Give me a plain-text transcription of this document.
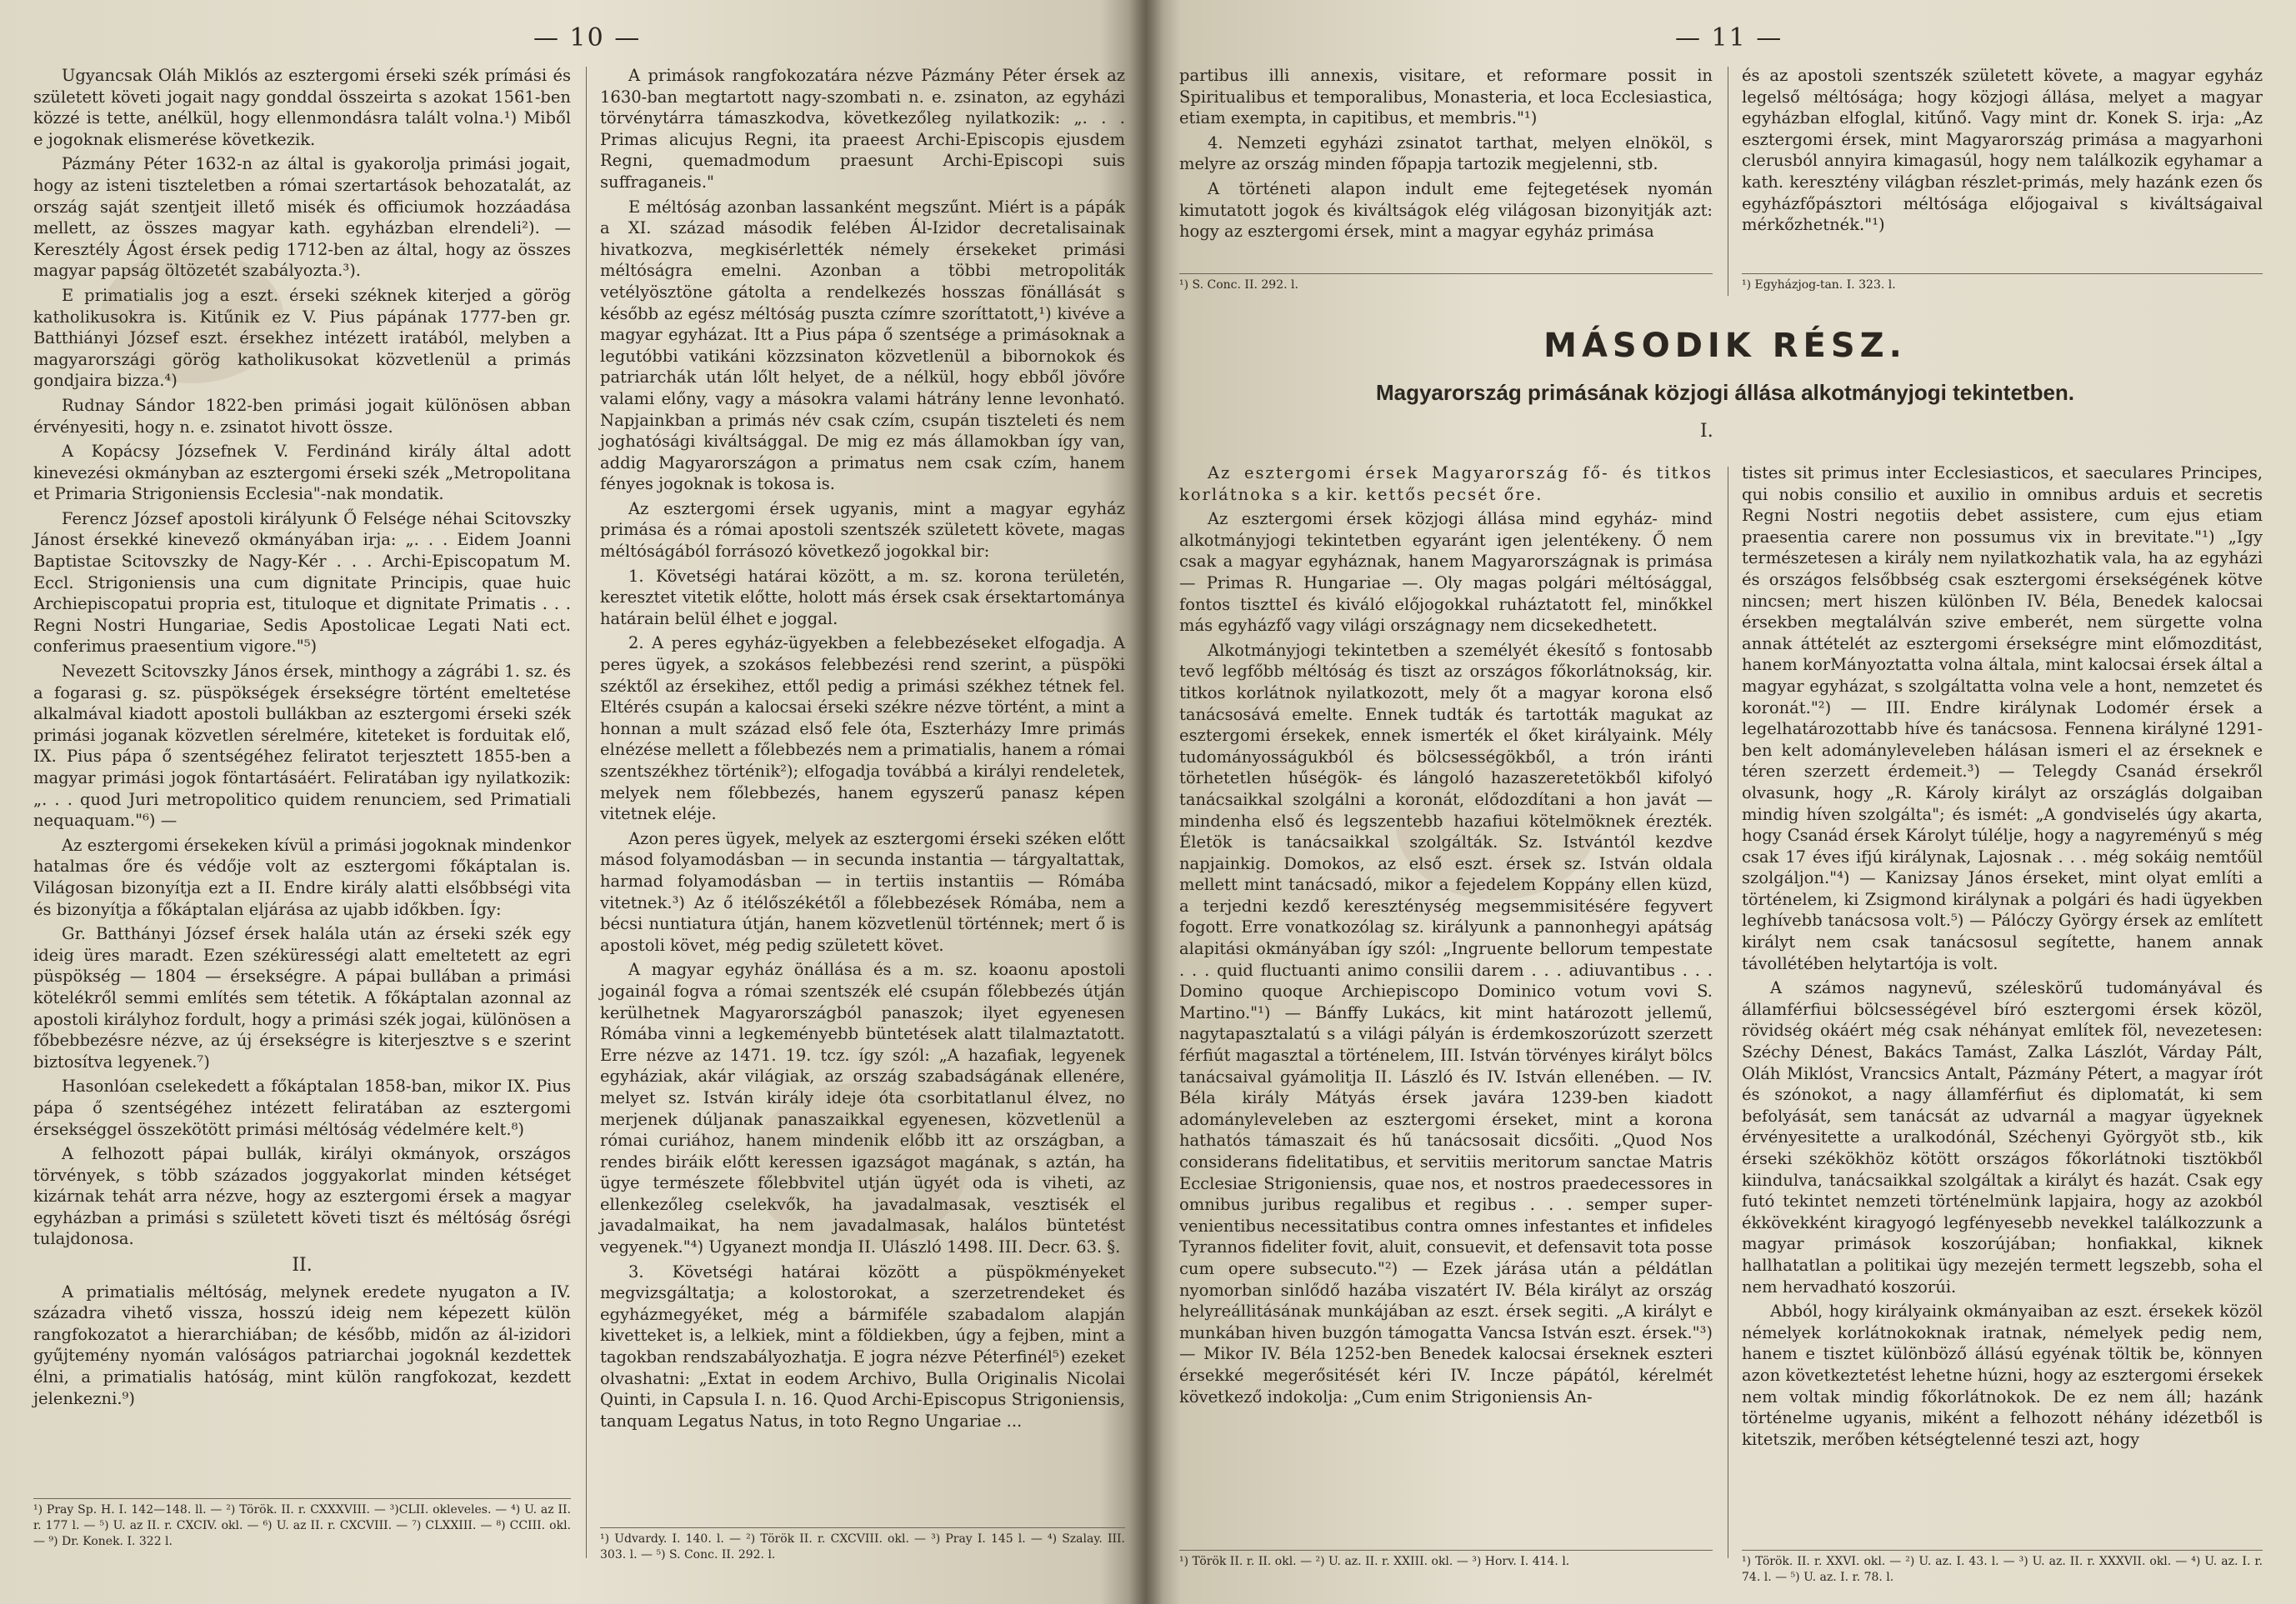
— 10 —

Ugyancsak Oláh Miklós az esztergomi érseki szék prímási és született követi jogait nagy gonddal összeirta s azokat 1561-ben közzé is tette, anélkül, hogy ellenmondásra talált volna.¹) Miből e jogoknak elismerése következik.

Pázmány Péter 1632-n az által is gyakorolja primási jogait, hogy az isteni tiszteletben a római szertartások behozatalát, az ország saját szentjeit illető misék és officiumok hozzáadása mellett, az összes magyar kath. egyházban elrendeli²). — Keresztély Ágost érsek pedig 1712-ben az által, hogy az összes magyar papság öltözetét szabályozta.³).

E primatialis jog a eszt. érseki széknek kiterjed a görög katholikusokra is. Kitűnik ez V. Pius pápának 1777-ben gr. Batthiányi József eszt. érsekhez intézett iratából, melyben a magyarországi görög katholikusokat közvetlenül a primás gondjaira bizza.⁴)

Rudnay Sándor 1822-ben primási jogait különösen abban érvényesiti, hogy n. e. zsinatot hivott össze.

A Kopácsy Józsefnek V. Ferdinánd király által adott kinevezési okmányban az esztergomi érseki szék „Metropolitana et Primaria Strigoniensis Ecclesia"-nak mondatik.

Ferencz József apostoli királyunk Ő Felsége néhai Scitovszky Jánost érsekké kinevező okmányában irja: „. . . Eidem Joanni Baptistae Scitovszky de Nagy-Kér . . . Archi-Episcopatum M. Eccl. Strigoniensis una cum dignitate Principis, quae huic Archiepiscopatui propria est, tituloque et dignitate Primatis . . . Regni Nostri Hungariae, Sedis Apostolicae Legati Nati ect. conferimus praesentium vigore."⁵)

Nevezett Scitovszky János érsek, minthogy a zágrábi 1. sz. és a fogarasi g. sz. püspökségek érsekségre történt emeltetése alkalmával kiadott apostoli bullákban az esztergomi érseki szék primási joganak közvetlen sérelmére, kiteteket is forduitak elő, IX. Pius pápa ő szentségéhez feliratot terjesztett 1855-ben a magyar primási jogok föntartásáért. Feliratában igy nyilatkozik: „. . . quod Juri metropolitico quidem renunciem, sed Primatiali nequaquam."⁶) —

Az esztergomi érsekeken kívül a primási jogoknak mindenkor hatalmas őre és védője volt az esztergomi főkáptalan is. Világosan bizonyítja ezt a II. Endre király alatti elsőbbségi vita és bizonyítja a főkáptalan eljárása az ujabb időkben. Így:

Gr. Batthányi József érsek halála után az érseki szék egy ideig üres maradt. Ezen székürességi alatt emeltetett az egri püspökség — 1804 — érsekségre. A pápai bullában a primási kötelékről semmi említés sem tétetik. A főkáptalan azonnal az apostoli királyhoz fordult, hogy a primási szék jogai, különösen a főbebbezésre nézve, az új érsekségre is kiterjesztve s e szerint biztosítva legyenek.⁷)

Hasonlóan cselekedett a főkáptalan 1858-ban, mikor IX. Pius pápa ő szentségéhez intézett feliratában az esztergomi érsekséggel összekötött primási méltóság védelmére kelt.⁸)

A felhozott pápai bullák, királyi okmányok, országos törvények, s több százados joggyakorlat minden kétséget kizárnak tehát arra nézve, hogy az esztergomi érsek a magyar egyházban a primási s született követi tiszt és méltóság ősrégi tulajdonosa.

II.

A primatialis méltóság, melynek eredete nyugaton a IV. századra vihető vissza, hosszú ideig nem képezett külön rangfokozatot a hierarchiában; de később, midőn az ál-izidori gyűjtemény nyomán valóságos patriarchai jogoknál kezdettek élni, a primatialis hatóság, mint külön rangfokozat, kezdett jelenkezni.⁹)

¹) Pray Sp. H. I. 142—148. ll. — ²) Török. II. r. CXXXVIII. — ³)CLII. okleveles. — ⁴) U. az II. r. 177 l. — ⁵) U. az II. r. CXCIV. okl. — ⁶) U. az II. r. CXCVIII. — ⁷) CLXXIII. — ⁸) CCIII. okl. — ⁹) Dr. Konek. I. 322 l.

A primások rangfokozatára nézve Pázmány Péter érsek az 1630-ban megtartott nagy-szombati n. e. zsinaton, az egyházi törvénytárra támaszkodva, következőleg nyilatkozik: „. . . Primas alicujus Regni, ita praeest Archi-Episcopis ejusdem Regni, quemadmodum praesunt Archi-Episcopi suis suffraganeis."

E méltóság azonban lassanként megszűnt. Miért is a pápák a XI. század második felében Ál-Izidor decretalisainak hivatkozva, megkisérlették némely érsekeket primási méltóságra emelni. Azonban a többi metropoliták vetélyösztöne gátolta a rendelkezés hosszas fönállását s később az egész méltóság puszta czímre szoríttatott,¹) kivéve a magyar egyházat. Itt a Pius pápa ő szentsége a primásoknak a legutóbbi vatikáni közzsinaton közvetlenül a bibornokok és patriarchák után lőlt helyet, de a nélkül, hogy ebből jövőre valami előny, vagy a másokra valami hátrány lenne levonható. Napjainkban a primás név csak czím, csupán tiszteleti és nem joghatósági kiváltsággal. De mig ez más államokban így van, addig Magyarországon a primatus nem csak czím, hanem fényes jogoknak is tokosa is.

Az esztergomi érsek ugyanis, mint a magyar egyház primása és a római apostoli szentszék született követe, magas méltóságából forrásozó következő jogokkal bir:

1. Követségi határai között, a m. sz. korona területén, keresztet vitetik előtte, holott más érsek csak érsektartománya határain belül élhet e joggal.

2. A peres egyház-ügyekben a felebbezéseket elfogadja. A peres ügyek, a szokásos felebbezési rend szerint, a püspöki széktől az érsekihez, ettől pedig a primási székhez tétnek fel. Eltérés csupán a kalocsai érseki székre nézve történt, a mint a honnan a mult század első fele óta, Eszterházy Imre primás elnézése mellett a főlebbezés nem a primatialis, hanem a római szentszékhez történik²); elfogadja továbbá a királyi rendeletek, melyek nem főlebbezés, hanem egyszerű panasz képen vitetnek eléje.

Azon peres ügyek, melyek az esztergomi érseki széken előtt másod folyamodásban — in secunda instantia — tárgyaltattak, harmad folyamodásban — in tertiis instantiis — Rómába vitetnek.³) Az ő itélőszékétől a főlebbezések Rómába, nem a bécsi nuntiatura útján, hanem közvetlenül történnek; mert ő is apostoli követ, még pedig született követ.

A magyar egyház önállása és a m. sz. koaonu apostoli jogainál fogva a római szentszék elé csupán főlebbezés útján kerülhetnek Magyarországból panaszok; ilyet egyenesen Rómába vinni a legkeményebb büntetések alatt tilalmaztatott. Erre nézve az 1471. 19. tcz. így szól: „A hazafiak, legyenek egyháziak, akár világiak, az ország szabadságának ellenére, melyet sz. István király ideje óta csorbitatlanul élvez, no merjenek dúljanak panaszaikkal egyenesen, közvetlenül a római curiához, hanem mindenik előbb itt az országban, a rendes biráik előtt keressen igazságot magának, s aztán, ha ügye természete főlebbvitel utján ügyét oda is viheti, az ellenkezőleg cselekvők, ha javadalmasak, vesztisék el javadalmaikat, ha nem javadalmasak, halálos büntetést vegyenek."⁴) Ugyanezt mondja II. Ulászló 1498. III. Decr. 63. §.

3. Követségi határai között a püspökményeket megvizsgáltatja; a kolostorokat, a szerzetrendeket és egyházmegyéket, még a bármiféle szabadalom alapján kivetteket is, a lelkiek, mint a földiekben, úgy a fejben, mint a tagokban rendszabályozhatja. E jogra nézve Péterfinél⁵) ezeket olvashatni: „Extat in eodem Archivo, Bulla Originalis Nicolai Quinti, in Capsula I. n. 16. Quod Archi-Episcopus Strigoniensis, tanquam Legatus Natus, in toto Regno Ungariae ...

¹) Udvardy. I. 140. l. — ²) Török II. r. CXCVIII. okl. — ³) Pray I. 145 l. — ⁴) Szalay. III. 303. l. — ⁵) S. Conc. II. 292. l.
— 11 —

partibus illi annexis, visitare, et reformare possit in Spiritualibus et temporalibus, Monasteria, et loca Ecclesiastica, etiam exempta, in capitibus, et membris."¹)

4. Nemzeti egyházi zsinatot tarthat, melyen elnököl, s melyre az ország minden főpapja tartozik megjelenni, stb.

A történeti alapon indult eme fejtegetések nyomán kimutatott jogok és kiváltságok elég világosan bizonyitják azt: hogy az esztergomi érsek, mint a magyar egyház primása

¹) S. Conc. II. 292. l.

és az apostoli szentszék született követe, a magyar egyház legelső méltósága; hogy közjogi állása, melyet a magyar egyházban elfoglal, kitűnő. Vagy mint dr. Konek S. irja: „Az esztergomi érsek, mint Magyarország primása a magyarhoni clerusból annyira kimagasúl, hogy nem találkozik egyhamar a kath. keresztény világban részlet-primás, mely hazánk ezen ős egyházfőpásztori méltósága előjogaival s kiváltságaival mérkőzhetnék."¹)

¹) Egyházjog-tan. I. 323. l.
MÁSODIK RÉSZ.
Magyarország primásának közjogi állása alkotmányjogi tekintetben.
I.

Az esztergomi érsek Magyarország fő- és titkos korlátnoka s a kir. kettős pecsét őre.

Az esztergomi érsek közjogi állása mind egyház- mind alkotmányjogi tekintetben egyaránt igen jelentékeny. Ő nem csak a magyar egyháznak, hanem Magyarországnak is primása — Primas R. Hungariae —. Oly magas polgári méltósággal, fontos tisztteI és kiváló előjogokkal ruháztatott fel, minőkkel más egyházfő vagy világi országnagy nem dicsekedhetett.

Alkotmányjogi tekintetben a személyét ékesítő s fontosabb tevő legfőbb méltóság és tiszt az országos főkorlátnokság, kir. titkos korlátnok nyilatkozott, mely őt a magyar korona első tanácsosává emelte. Ennek tudták és tartották magukat az esztergomi érsekek, ennek ismerték el őket királyaink. Mély tudományosságukból és bölcsességökből, a trón iránti törhetetlen hűségök- és lángoló hazaszeretetökből kifolyó tanácsaikkal szolgálni a koronát, elődozdítani a hon javát — mindenha első és legszentebb hazafiui kötelmöknek érezték. Életök is tanácsaikkal szolgálták. Sz. Istvántól kezdve napjainkig. Domokos, az első eszt. érsek sz. István oldala mellett mint tanácsadó, mikor a fejedelem Koppány ellen küzd, a terjedni kezdő kereszténység megsemmisitésére fegyvert fogott. Erre vonatkozólag sz. királyunk a pannonhegyi apátság alapitási okmányában így szól: „Ingruente bellorum tempestate . . . quid fluctuanti animo consilii darem . . . adiuvantibus . . . Domino quoque Archiepiscopo Dominico votum vovi S. Martino."¹) — Bánffy Lukács, kit mint határozott jellemű, nagytapasztalatú s a világi pályán is érdemkoszorúzott szerzett férfiút magasztal a történelem, III. István törvényes királyt bölcs tanácsaival gyámolitja II. László és IV. István ellenében. — IV. Béla király Mátyás érsek javára 1239-ben kiadott adományleveleben az esztergomi érseket, mint a korona hathatós támaszait és hű tanácsosait dicsőiti. „Quod Nos considerans fidelitatibus, et servitiis meritorum sanctae Matris Ecclesiae Strigoniensis, quae nos, et nostros praedecessores in omnibus juribus regalibus et regibus . . . semper supervenientibus necessitatibus contra omnes infestantes et infideles Tyrannos fideliter fovit, aluit, consuevit, et defensavit tota posse cum opere subsecuto."²) — Ezek járása után a példátlan nyomorban sinlődő hazába viszatért IV. Béla királyt az ország helyreállitásának munkájában az eszt. érsek segiti. „A királyt e munkában hiven buzgón támogatta Vancsa István eszt. érsek."³) — Mikor IV. Béla 1252-ben Benedek kalocsai érseknek eszteri érsekké megerősitését kéri IV. Incze pápától, kérelmét következő indokolja: „Cum enim Strigoniensis An-

¹) Török II. r. II. okl. — ²) U. az. II. r. XXIII. okl. — ³) Horv. I. 414. l.

tistes sit primus inter Ecclesiasticos, et saeculares Principes, qui nobis consilio et auxilio in omnibus arduis et secretis Regni Nostri negotiis debet assistere, cum ejus etiam praesentia carere non possumus vix in brevitate."¹) „Igy természetesen a király nem nyilatkozhatik vala, ha az egyházi és országos felsőbbség csak esztergomi érsekségének kötve nincsen; mert hiszen különben IV. Béla, Benedek kalocsai érsekben megtalálván szive emberét, nem sürgette volna annak áttételét az esztergomi érsekségre mint előmozditást, hanem korMányoztatta volna általa, mint kalocsai érsek által a magyar egyházat, s szolgáltatta volna vele a hont, nemzetet és koronát."²) — III. Endre királynak Lodomér érsek a legelhatározottabb híve és tanácsosa. Fennena királyné 1291-ben kelt adományleveleben hálásan ismeri el az érseknek e téren szerzett érdemeit.³) — Telegdy Csanád érsekről olvasunk, hogy „R. Károly királyt az országlás dolgaiban mindig híven szolgálta"; és ismét: „A gondviselés úgy akarta, hogy Csanád érsek Károlyt túlélje, hogy a nagyreményű s még csak 17 éves ifjú királynak, Lajosnak . . . még sokáig nemtőül szolgáljon."⁴) — Kanizsay János érseket, mint olyat említi a történelem, ki Zsigmond királynak a polgári és hadi ügyekben leghívebb tanácsosa volt.⁵) — Pálóczy György érsek az említett királyt nem csak tanácsosul segítette, hanem annak távollétében helytartója is volt.

A számos nagynevű, széleskörű tudományával és államférfiui bölcsességével bíró esztergomi érsek közöl, rövidség okáért még csak néhányat említek föl, nevezetesen: Széchy Dénest, Bakács Tamást, Zalka Lászlót, Várday Pált, Oláh Miklóst, Vrancsics Antalt, Pázmány Pétert, a magyar írót és szónokot, a nagy államférfiut és diplomatát, ki sem befolyását, sem tanácsát az udvarnál a magyar ügyeknek érvényesitette a uralkodónál, Széchenyi Györgyöt stb., kik érseki székökhöz kötött országos főkorlátnoki tisztökből kiindulva, tanácsaikkal szolgáltak a királyt és hazát. Csak egy futó tekintet nemzeti történelmünk lapjaira, hogy az azokból ékkövekként kiragyogó legfényesebb nevekkel találkozzunk a magyar primások koszorújában; honfiakkal, kiknek hallhatatlan a politikai ügy mezején termett legszebb, soha el nem hervadható koszorúi.

Abból, hogy királyaink okmányaiban az eszt. érsekek közöl némelyek korlátnokoknak iratnak, némelyek pedig nem, hanem e tisztet különböző állású egyénak töltik be, könnyen azon következtetést lehetne húzni, hogy az esztergomi érsekek nem voltak mindig főkorlátnokok. De ez nem áll; hazánk történelme ugyanis, miként a felhozott néhány idézetből is kitetszik, merőben kétségtelenné teszi azt, hogy

¹) Török. II. r. XXVI. okl. — ²) U. az. I. 43. l. — ³) U. az. II. r. XXXVII. okl. — ⁴) U. az. I. r. 74. l. — ⁵) U. az. I. r. 78. l.
